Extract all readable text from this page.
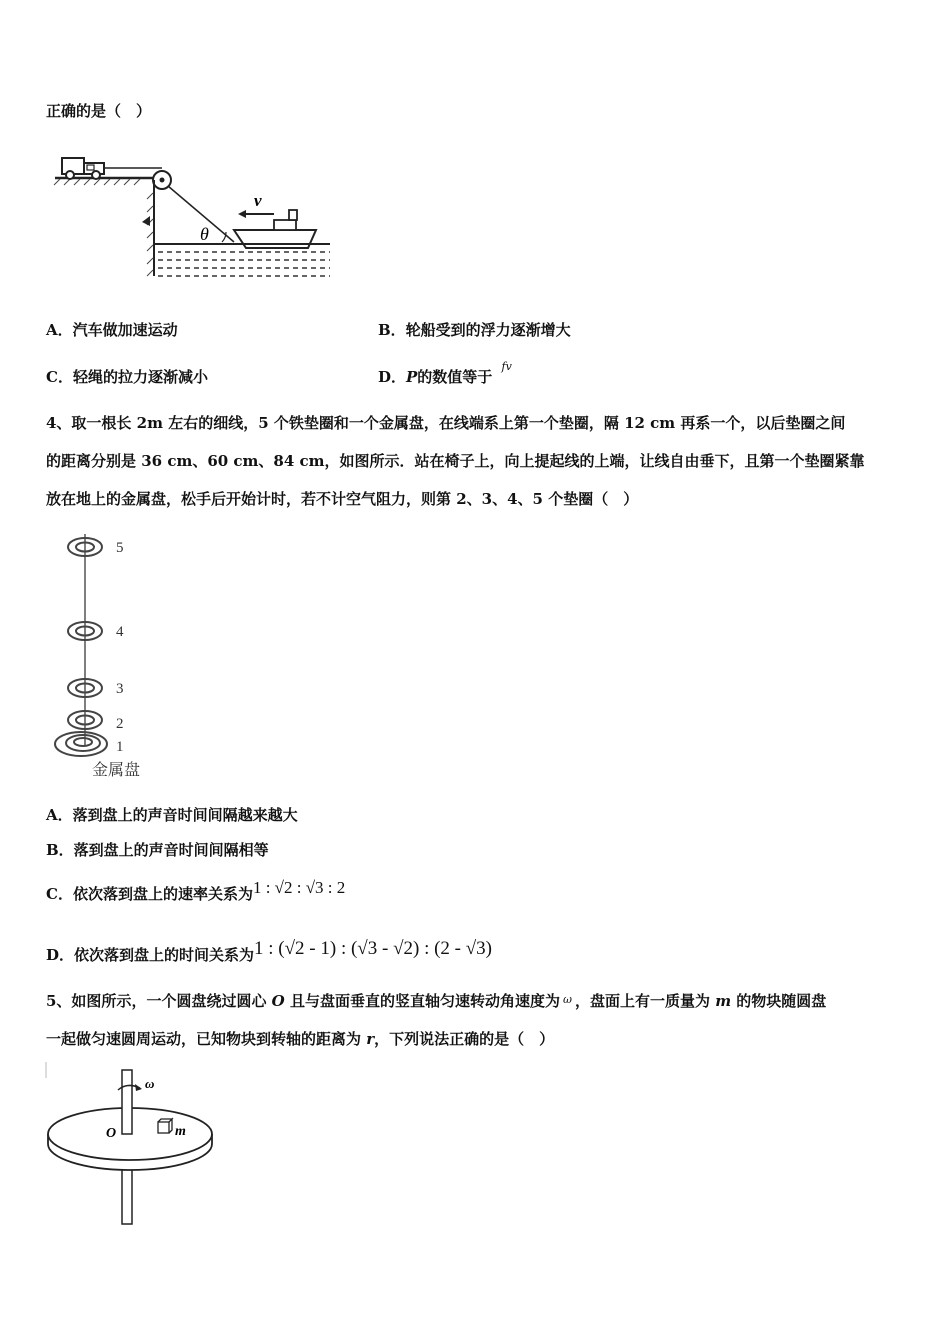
正确的是（　）
θ
v
A．汽车做加速运动	B．轮船受到的浮力逐渐增大
C．轻绳的拉力逐渐减小	D．P的数值等于 $^{fv}$
4、取一根长 2m 左右的细线，5 个铁垫圈和一个金属盘，在线端系上第一个垫圈，隔 12 cm 再系一个，以后垫圈之间
的距离分别是 36 cm、60 cm、84 cm，如图所示．站在椅子上，向上提起线的上端，让线自由垂下，且第一个垫圈紧靠
放在地上的金属盘，松手后开始计时，若不计空气阻力，则第 2、3、4、5 个垫圈（　）
5
4
3
2
1
金属盘
A．落到盘上的声音时间间隔越来越大
B．落到盘上的声音时间间隔相等
C．依次落到盘上的速率关系为1 : √2 : √3 : 2
D．依次落到盘上的时间关系为1 : (√2 - 1) : (√3 - √2) : (2 - √3)
5、如图所示，一个圆盘绕过圆心 O 且与盘面垂直的竖直轴匀速转动角速度为 $^\omega$ ，盘面上有一质量为 m 的物块随圆盘
一起做匀速圆周运动，已知物块到转轴的距离为 r，下列说法正确的是（　）
ω
O	m
